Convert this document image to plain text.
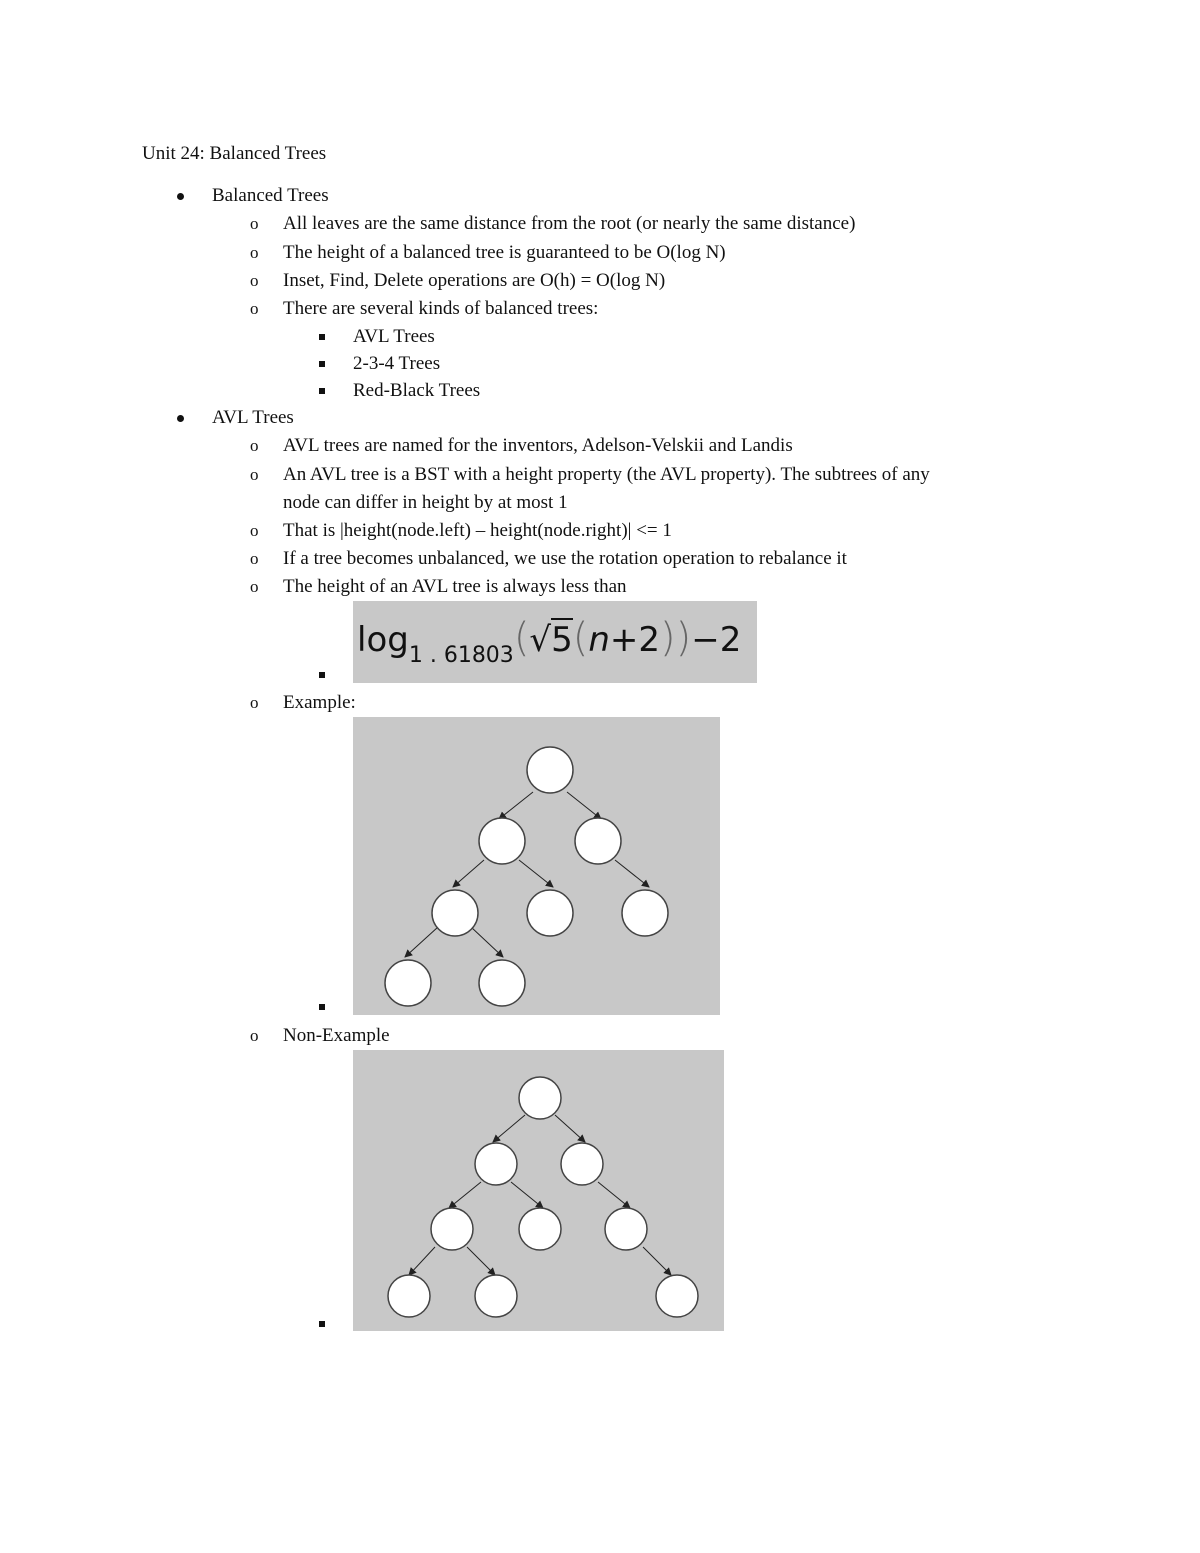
Unit 24: Balanced Trees
Balanced Trees
o All leaves are the same distance from the root (or nearly the same distance)
o The height of a balanced tree is guaranteed to be O(log N)
o Inset, Find, Delete operations are O(h) = O(log N)
o There are several kinds of balanced trees:
AVL Trees
2-3-4 Trees
Red-Black Trees
AVL Trees
o AVL trees are named for the inventors, Adelson-Velskii and Landis
o An AVL tree is a BST with a height property (the AVL property). The subtrees of any
node can differ in height by at most 1
o That is |height(node.left) – height(node.right)| <= 1
o If a tree becomes unbalanced, we use the rotation operation to rebalance it
o The height of an AVL tree is always less than
$\log_{1 . 61803}(√5(n+2))-2$
o Example:
o Non-Example
